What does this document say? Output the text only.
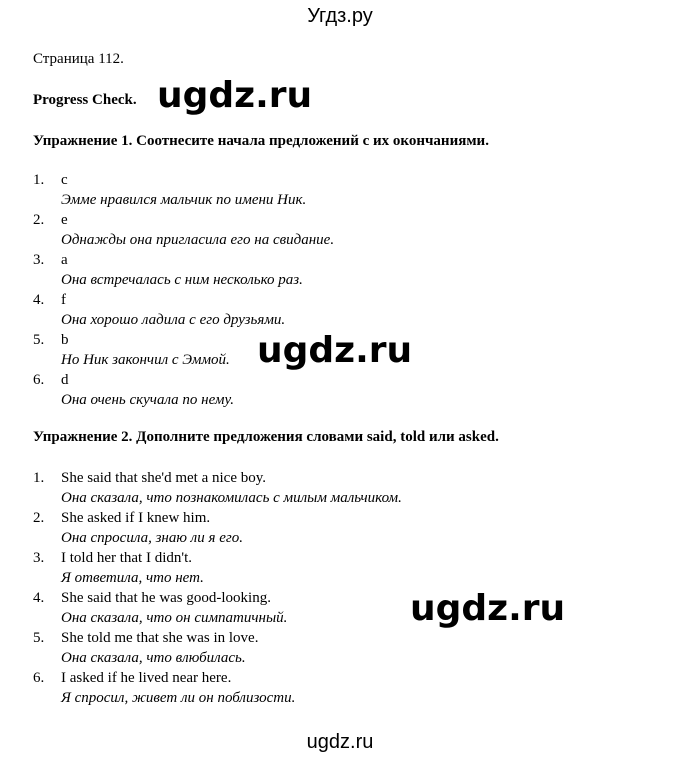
Угдз.ру
Страница 112.
Progress Check.
Упражнение 1. Соотнесите начала предложений с их окончаниями.
1. c
Эмме нравился мальчик по имени Ник.
2. e
Однажды она пригласила его на свидание.
3. a
Она встречалась с ним несколько раз.
4. f
Она хорошо ладила с его друзьями.
5. b
Но Ник закончил с Эммой.
6. d
Она очень скучала по нему.
Упражнение 2. Дополните предложения словами said, told или asked.
1. She said that she'd met a nice boy.
Она сказала, что познакомилась с милым мальчиком.
2. She asked if I knew him.
Она спросила, знаю ли я его.
3. I told her that I didn't.
Я ответила, что нет.
4. She said that he was good-looking.
Она сказала, что он симпатичный.
5. She told me that she was in love.
Она сказала, что влюбилась.
6. I asked if he lived near here.
Я спросил, живет ли он поблизости.
ugdz.ru
ugdz.ru
ugdz.ru
ugdz.ru
